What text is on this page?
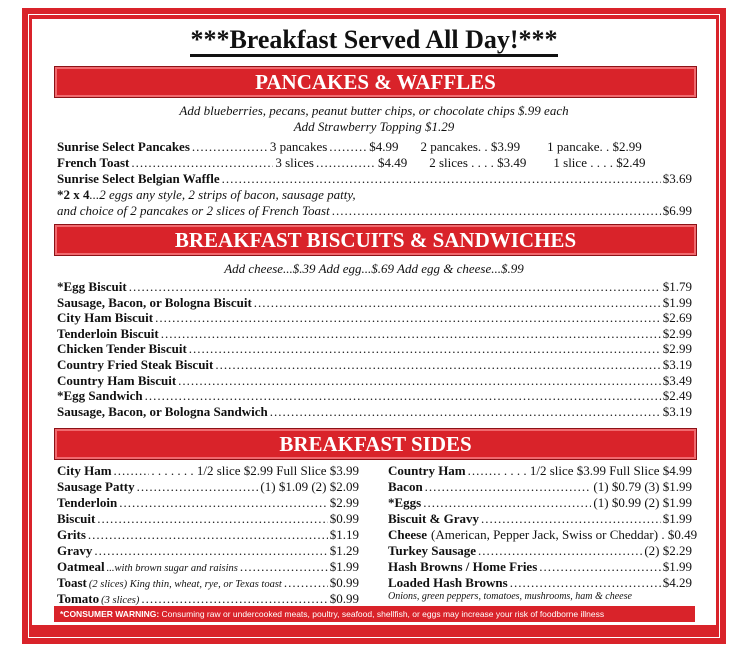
***Breakfast Served All Day!***
PANCAKES & WAFFLES
Add blueberries, pecans, peanut butter chips, or chocolate chips $.99 each
Add Strawberry Topping $1.29
Sunrise Select Pancakes .....	3 pancakes .....	$4.99 2 pancakes. . $3.99 1 pancake. . $2.99
French Toast .....	3 slices .....	$4.49 2 slices . . . . $3.49 1 slice . . . . $2.49
Sunrise Select Belgian Waffle .....	$3.69
*2 x 4 ...2 eggs any style, 2 strips of bacon, sausage patty,
and choice of 2 pancakes or 2 slices of French Toast .....	$6.99
BREAKFAST BISCUITS & SANDWICHES
Add cheese...$.39 Add egg...$.69 Add egg & cheese...$.99
*Egg Biscuit .....	$1.79
Sausage, Bacon, or Bologna Biscuit .....	$1.99
City Ham Biscuit .....	$2.69
Tenderloin Biscuit .....	$2.99
Chicken Tender Biscuit .....	$2.99
Country Fried Steak Biscuit .....	$3.19
Country Ham Biscuit .....	$3.49
*Egg Sandwich .....	$2.49
Sausage, Bacon, or Bologna Sandwich .....	$3.19
BREAKFAST SIDES
City Ham .....	. . . . . . . 1/2 slice $2.99 Full Slice $3.99
Sausage Patty .....	(1) $1.09 (2) $2.09
Tenderloin .....	$2.99
Biscuit .....	$0.99
Grits .....	$1.19
Gravy .....	$1.29
Oatmeal ...with brown sugar and raisins .....	$1.99
Toast (2 slices) King thin, wheat, rye, or Texas toast .....	$0.99
Tomato (3 slices) .....	$0.99
Country Ham .....	. . . . 1/2 slice $3.99 Full Slice $4.99
Bacon .....	(1) $0.79 (3) $1.99
*Eggs .....	(1) $0.99 (2) $1.99
Biscuit & Gravy .....	$1.99
Cheese (American, Pepper Jack, Swiss or Cheddar) . $0.49
Turkey Sausage .....	(2) $2.29
Hash Browns / Home Fries .....	$1.99
Loaded Hash Browns .....	$4.29
Onions, green peppers, tomatoes, mushrooms, ham & cheese
*CONSUMER WARNING: Consuming raw or undercooked meats, poultry, seafood, shellfish, or eggs may increase your risk of foodborne illness
